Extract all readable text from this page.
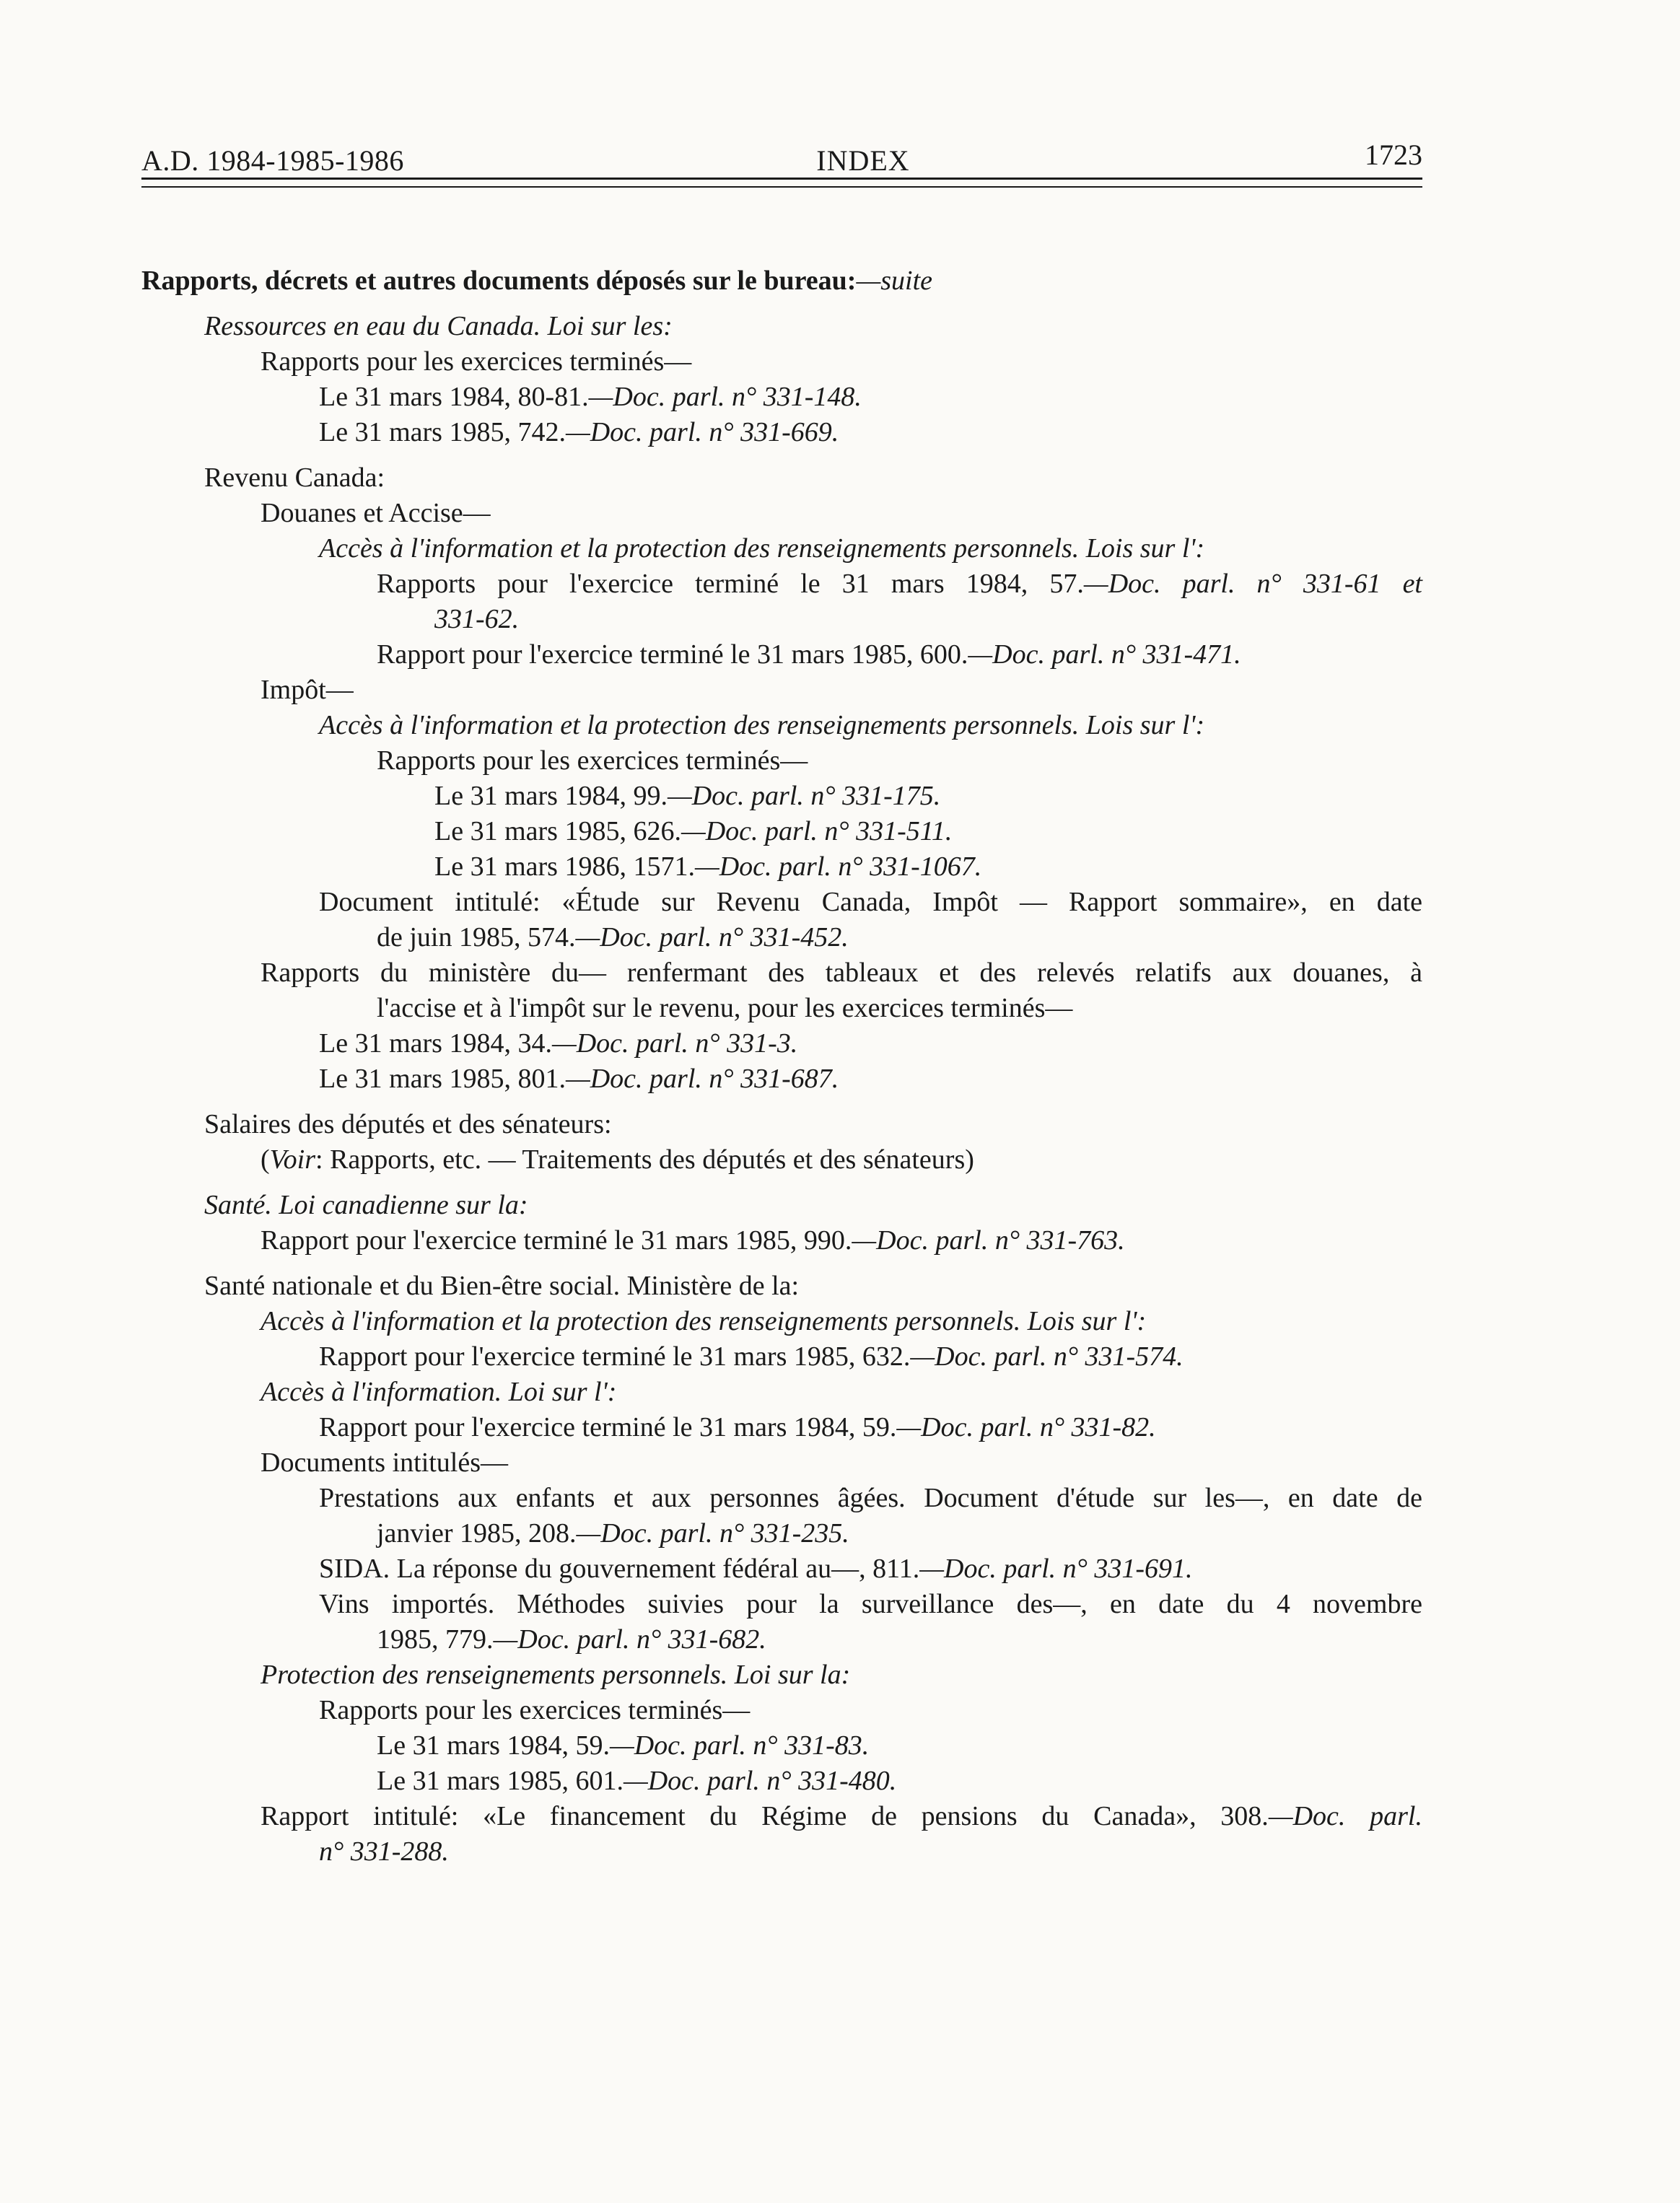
A.D. 1984-1985-1986	INDEX	1723
Rapports, décrets et autres documents déposés sur le bureau:—suite
Ressources en eau du Canada. Loi sur les:
Rapports pour les exercices terminés—
Le 31 mars 1984, 80-81.—Doc. parl. n° 331-148.
Le 31 mars 1985, 742.—Doc. parl. n° 331-669.
Revenu Canada:
Douanes et Accise—
Accès à l'information et la protection des renseignements personnels. Lois sur l':
Rapports pour l'exercice terminé le 31 mars 1984, 57.—Doc. parl. n° 331-61 et
331-62.
Rapport pour l'exercice terminé le 31 mars 1985, 600.—Doc. parl. n° 331-471.
Impôt—
Accès à l'information et la protection des renseignements personnels. Lois sur l':
Rapports pour les exercices terminés—
Le 31 mars 1984, 99.—Doc. parl. n° 331-175.
Le 31 mars 1985, 626.—Doc. parl. n° 331-511.
Le 31 mars 1986, 1571.—Doc. parl. n° 331-1067.
Document intitulé: «Étude sur Revenu Canada, Impôt — Rapport sommaire», en date
de juin 1985, 574.—Doc. parl. n° 331-452.
Rapports du ministère du— renfermant des tableaux et des relevés relatifs aux douanes, à
l'accise et à l'impôt sur le revenu, pour les exercices terminés—
Le 31 mars 1984, 34.—Doc. parl. n° 331-3.
Le 31 mars 1985, 801.—Doc. parl. n° 331-687.
Salaires des députés et des sénateurs:
(Voir: Rapports, etc. — Traitements des députés et des sénateurs)
Santé. Loi canadienne sur la:
Rapport pour l'exercice terminé le 31 mars 1985, 990.—Doc. parl. n° 331-763.
Santé nationale et du Bien-être social. Ministère de la:
Accès à l'information et la protection des renseignements personnels. Lois sur l':
Rapport pour l'exercice terminé le 31 mars 1985, 632.—Doc. parl. n° 331-574.
Accès à l'information. Loi sur l':
Rapport pour l'exercice terminé le 31 mars 1984, 59.—Doc. parl. n° 331-82.
Documents intitulés—
Prestations aux enfants et aux personnes âgées. Document d'étude sur les—, en date de
janvier 1985, 208.—Doc. parl. n° 331-235.
SIDA. La réponse du gouvernement fédéral au—, 811.—Doc. parl. n° 331-691.
Vins importés. Méthodes suivies pour la surveillance des—, en date du 4 novembre
1985, 779.—Doc. parl. n° 331-682.
Protection des renseignements personnels. Loi sur la:
Rapports pour les exercices terminés—
Le 31 mars 1984, 59.—Doc. parl. n° 331-83.
Le 31 mars 1985, 601.—Doc. parl. n° 331-480.
Rapport intitulé: «Le financement du Régime de pensions du Canada», 308.—Doc. parl.
n° 331-288.
